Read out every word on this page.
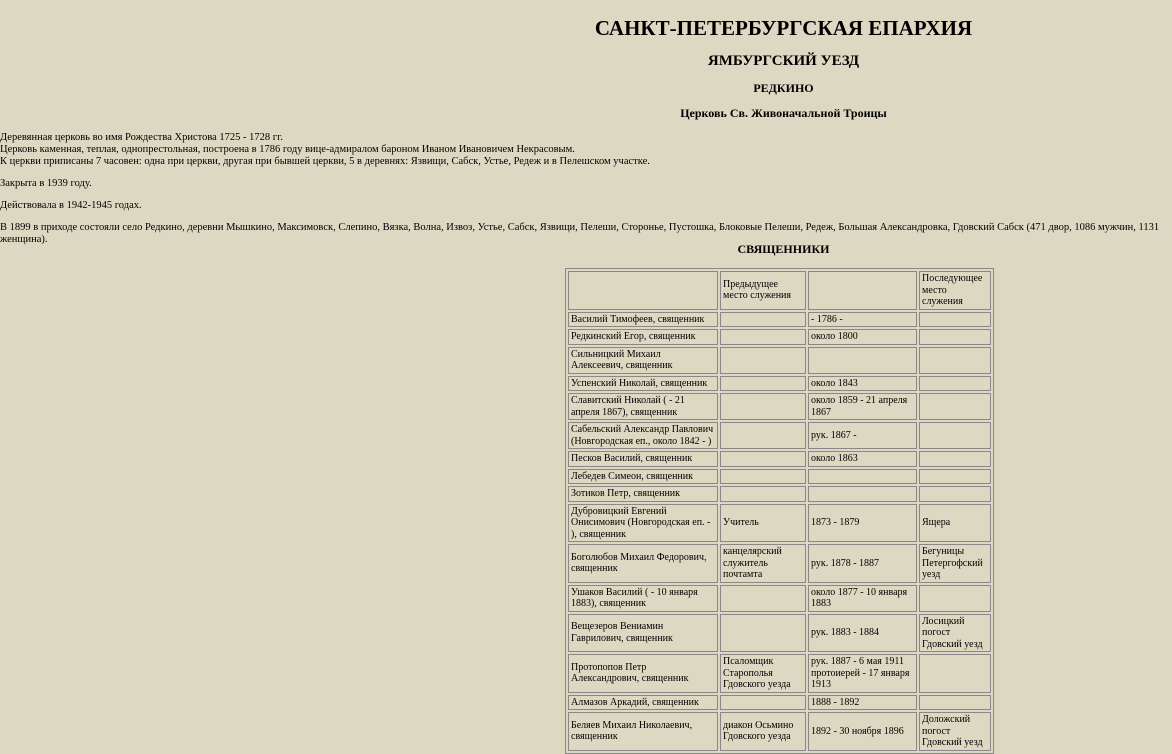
САНКТ-ПЕТЕРБУРГСКАЯ ЕПАРХИЯ
ЯМБУРГСКИЙ УЕЗД
РЕДКИНО
Церковь Св. Живоначальной Троицы

Деревянная церковь во имя Рождества Христова 1725 - 1728 гг.
Церковь каменная, теплая, однопрестольная, построена в 1786 году вице-адмиралом бароном Иваном Ивановичем Некрасовым.
К церкви приписаны 7 часовен: одна при церкви, другая при бывшей церкви, 5 в деревнях: Язвищи, Сабск, Устье, Редеж и в Пелешском участке.

Закрыта в 1939 году.

Действовала в 1942-1945 годах.

В 1899 в приходе состояли село Редкино, деревни Мышкино, Максимовск, Слепино, Вязка, Волна, Извоз, Устье, Сабск, Язвищи, Пелеши, Сторонье, Пустошка, Блоковые Пелеши, Редеж, Большая Александровка, Гдовский Сабск (471 двор, 1086 мужчин, 1131 женщина).

СВЯЩЕННИКИ
	Предыдущее место служения		Последующее место служения
Василий Тимофеев, священник		- 1786 -	
Редкинский Егор, священник		около 1800	
Сильницкий Михаил Алексеевич, священник			
Успенский Николай, священник		около 1843	
Славитский Николай ( - 21 апреля 1867), священник		около 1859 - 21 апреля 1867	
Сабельский Александр Павлович (Новгородская еп., около 1842 - )		рук. 1867 -	
Песков Василий, священник		около 1863	
Лебедев Симеон, священник			
Зотиков Петр, священник			
Дубровицкий Евгений Онисимович (Новгородская еп. - ), священник	Учитель	1873 - 1879	Ящера
Боголюбов Михаил Федорович, священник	канцелярский служитель почтамта	рук. 1878 - 1887	Бегуницы Петергофский уезд
Ушаков Василий ( - 10 января 1883), священник		около 1877 - 10 января 1883	
Вещезеров Вениамин Гаврилович, священник		рук. 1883 - 1884	Лосицкий погост Гдовский уезд
Протопопов Петр Александрович, священник	Псаломщик Старополья Гдовского уезда	рук. 1887 - 6 мая 1911 протоиерей - 17 января 1913	
Алмазов Аркадий, священник		1888 - 1892	
Беляев Михаил Николаевич, священник	диакон Осьмино Гдовского уезда	1892 - 30 ноября 1896	Доложский погост Гдовский уезд
